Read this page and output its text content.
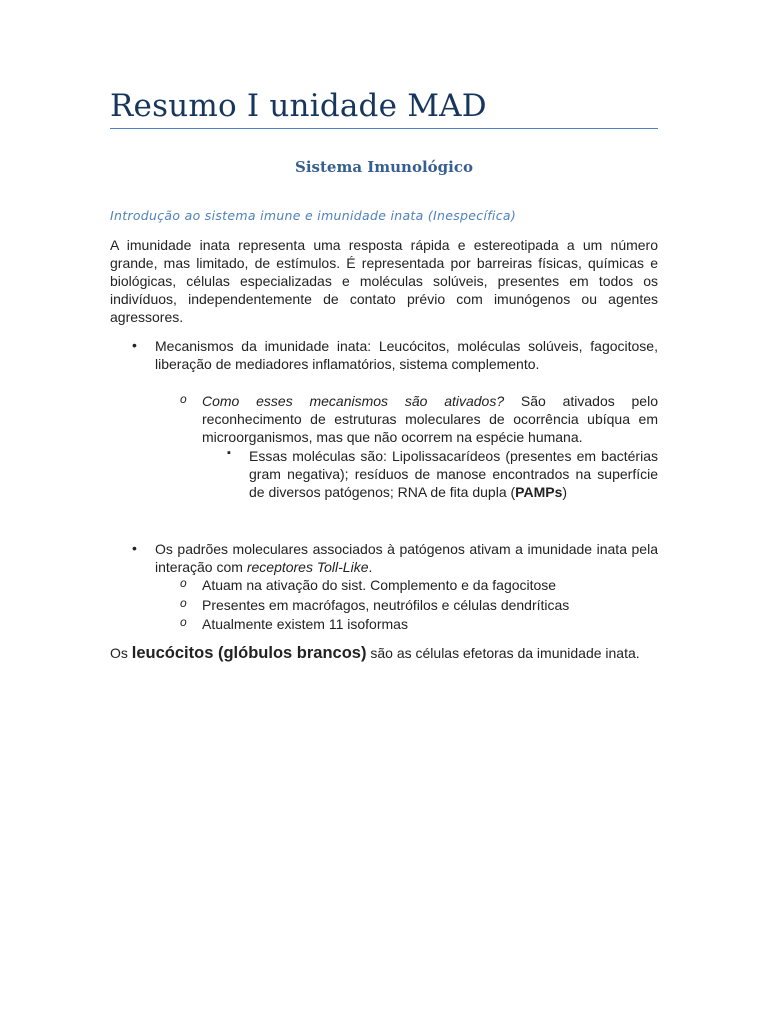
Resumo I unidade MAD
Sistema Imunológico
Introdução ao sistema imune e imunidade inata (Inespecífica)
A imunidade inata representa uma resposta rápida e estereotipada a um número grande, mas limitado, de estímulos. É representada por barreiras físicas, químicas e biológicas, células especializadas e moléculas solúveis, presentes em todos os indivíduos, independentemente de contato prévio com imunógenos ou agentes agressores.
• Mecanismos da imunidade inata: Leucócitos, moléculas solúveis, fagocitose, liberação de mediadores inflamatórios, sistema complemento.
o Como esses mecanismos são ativados? São ativados pelo reconhecimento de estruturas moleculares de ocorrência ubíqua em microorganismos, mas que não ocorrem na espécie humana.
▪ Essas moléculas são: Lipolissacarídeos (presentes em bactérias gram negativa); resíduos de manose encontrados na superfície de diversos patógenos; RNA de fita dupla (PAMPs)
• Os padrões moleculares associados à patógenos ativam a imunidade inata pela interação com receptores Toll-Like.
o Atuam na ativação do sist. Complemento e da fagocitose
o Presentes em macrófagos, neutrófilos e células dendríticas
o Atualmente existem 11 isoformas
Os leucócitos (glóbulos brancos) são as células efetoras da imunidade inata.
